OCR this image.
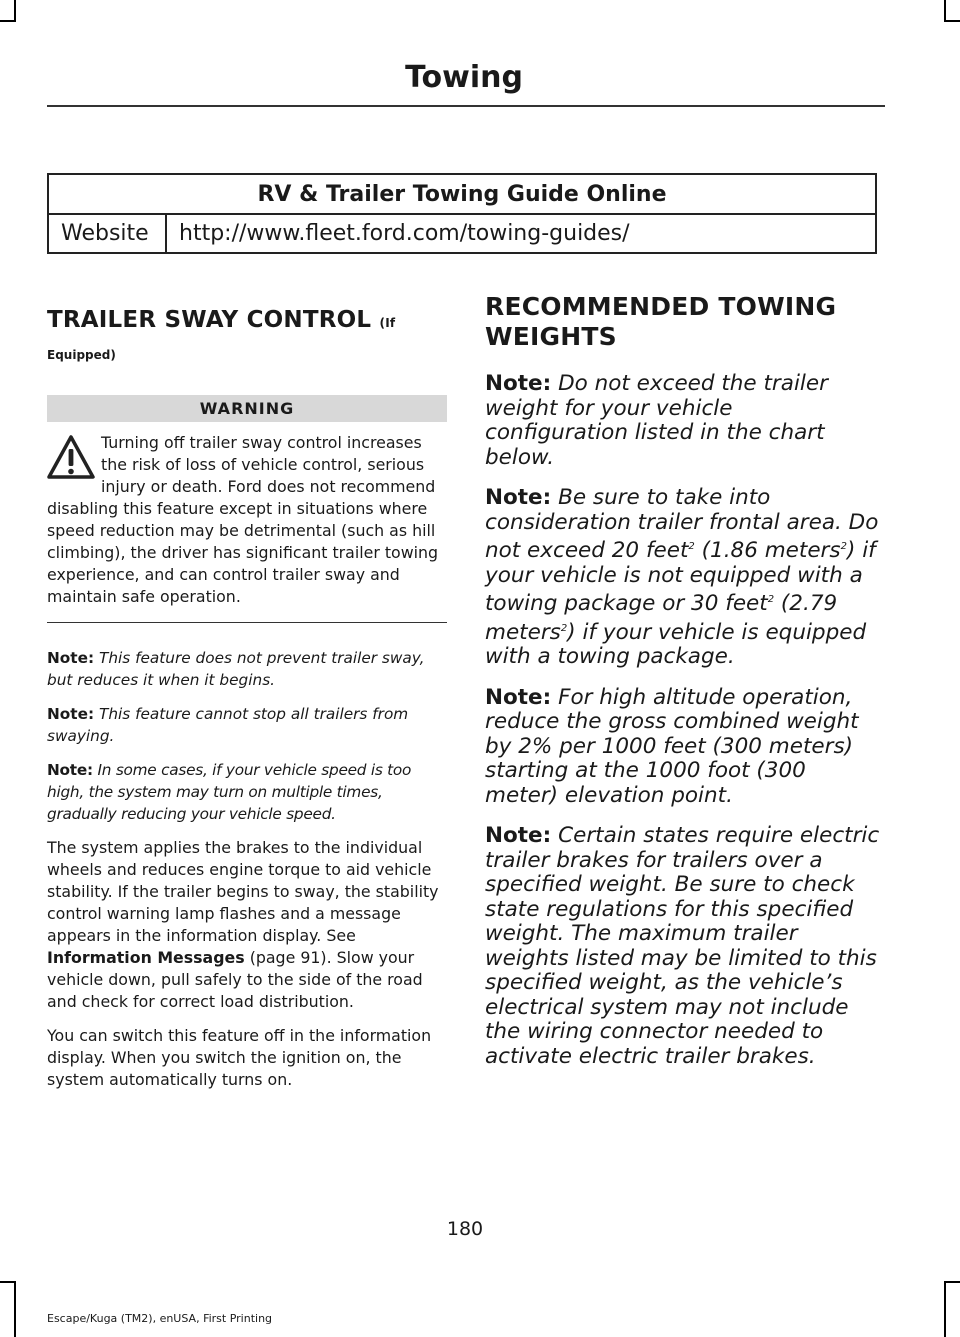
Towing
RV & Trailer Towing Guide Online
Website	http://www.fleet.ford.com/towing-guides/
TRAILER SWAY CONTROL (If

Equipped)

WARNING
Turning off trailer sway control increases the risk of loss of vehicle control, serious injury or death. Ford does not recommend disabling this feature except in situations where speed reduction may be detrimental (such as hill climbing), the driver has significant trailer towing experience, and can control trailer sway and maintain safe operation.

Note: This feature does not prevent trailer sway, but reduces it when it begins.

Note: This feature cannot stop all trailers from swaying.

Note: In some cases, if your vehicle speed is too high, the system may turn on multiple times, gradually reducing your vehicle speed.

The system applies the brakes to the individual wheels and reduces engine torque to aid vehicle stability. If the trailer begins to sway, the stability control warning lamp flashes and a message appears in the information display. See Information Messages (page 91). Slow your vehicle down, pull safely to the side of the road and check for correct load distribution.

You can switch this feature off in the information display. When you switch the ignition on, the system automatically turns on.

RECOMMENDED TOWING
WEIGHTS

Note: Do not exceed the trailer weight for your vehicle configuration listed in the chart below.

Note: Be sure to take into consideration trailer frontal area. Do not exceed 20 feet$^2$ (1.86 meters$^2$) if your vehicle is not equipped with a towing package or 30 feet$^2$ (2.79 meters$^2$) if your vehicle is equipped with a towing package.

Note: For high altitude operation, reduce the gross combined weight by 2% per 1000 feet (300 meters) starting at the 1000 foot (300 meter) elevation point.

Note: Certain states require electric trailer brakes for trailers over a specified weight. Be sure to check state regulations for this specified weight. The maximum trailer weights listed may be limited to this specified weight, as the vehicle’s electrical system may not include the wiring connector needed to activate electric trailer brakes.

180
Escape/Kuga (TM2), enUSA, First Printing
